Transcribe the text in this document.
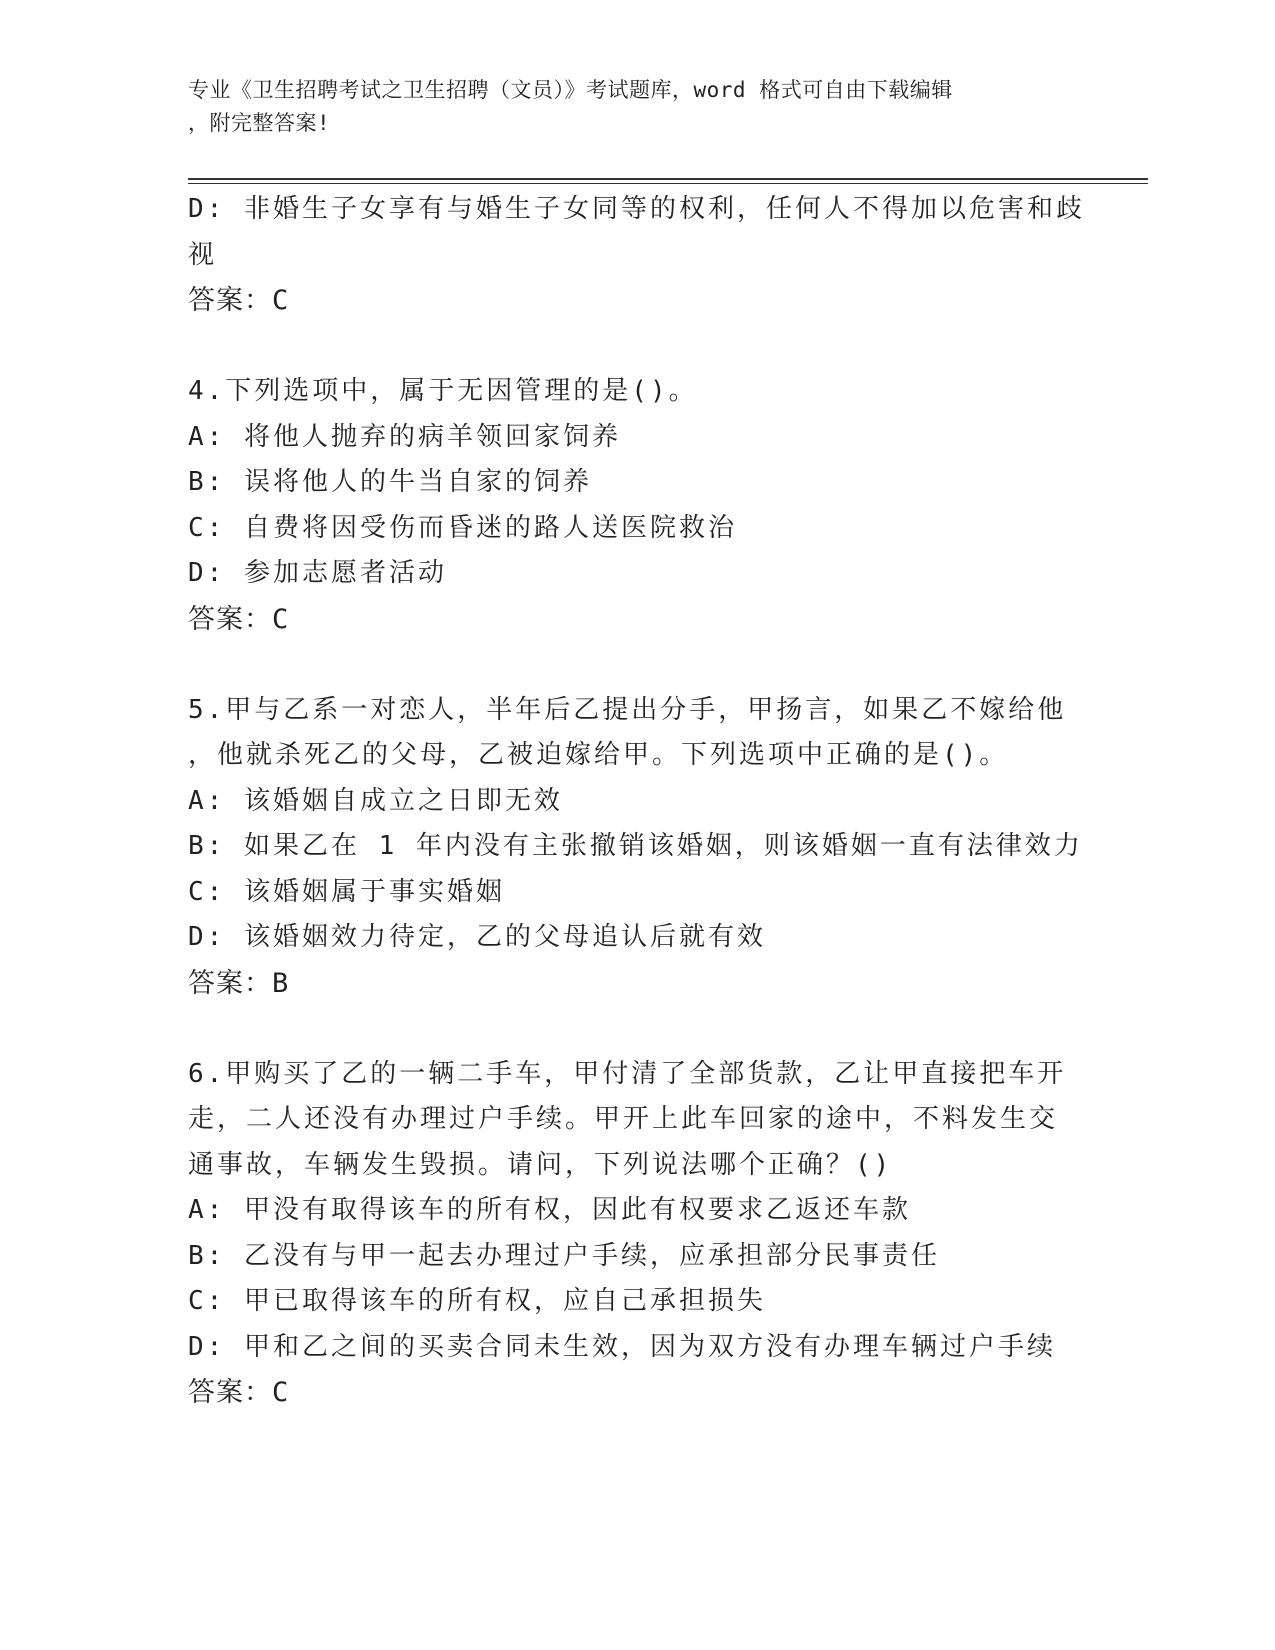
专业《卫生招聘考试之卫生招聘（文员）》考试题库，word 格式可自由下载编辑
，附完整答案!
D: 非婚生子女享有与婚生子女同等的权利，任何人不得加以危害和歧
视
答案：C
4.下列选项中，属于无因管理的是()。
A: 将他人抛弃的病羊领回家饲养
B: 误将他人的牛当自家的饲养
C: 自费将因受伤而昏迷的路人送医院救治
D: 参加志愿者活动
答案：C
5.甲与乙系一对恋人，半年后乙提出分手，甲扬言，如果乙不嫁给他
，他就杀死乙的父母，乙被迫嫁给甲。下列选项中正确的是()。
A: 该婚姻自成立之日即无效
B: 如果乙在 1 年内没有主张撤销该婚姻，则该婚姻一直有法律效力
C: 该婚姻属于事实婚姻
D: 该婚姻效力待定，乙的父母追认后就有效
答案：B
6.甲购买了乙的一辆二手车，甲付清了全部货款，乙让甲直接把车开
走，二人还没有办理过户手续。甲开上此车回家的途中，不料发生交
通事故，车辆发生毁损。请问，下列说法哪个正确？()
A: 甲没有取得该车的所有权，因此有权要求乙返还车款
B: 乙没有与甲一起去办理过户手续，应承担部分民事责任
C: 甲已取得该车的所有权，应自己承担损失
D: 甲和乙之间的买卖合同未生效，因为双方没有办理车辆过户手续
答案：C
